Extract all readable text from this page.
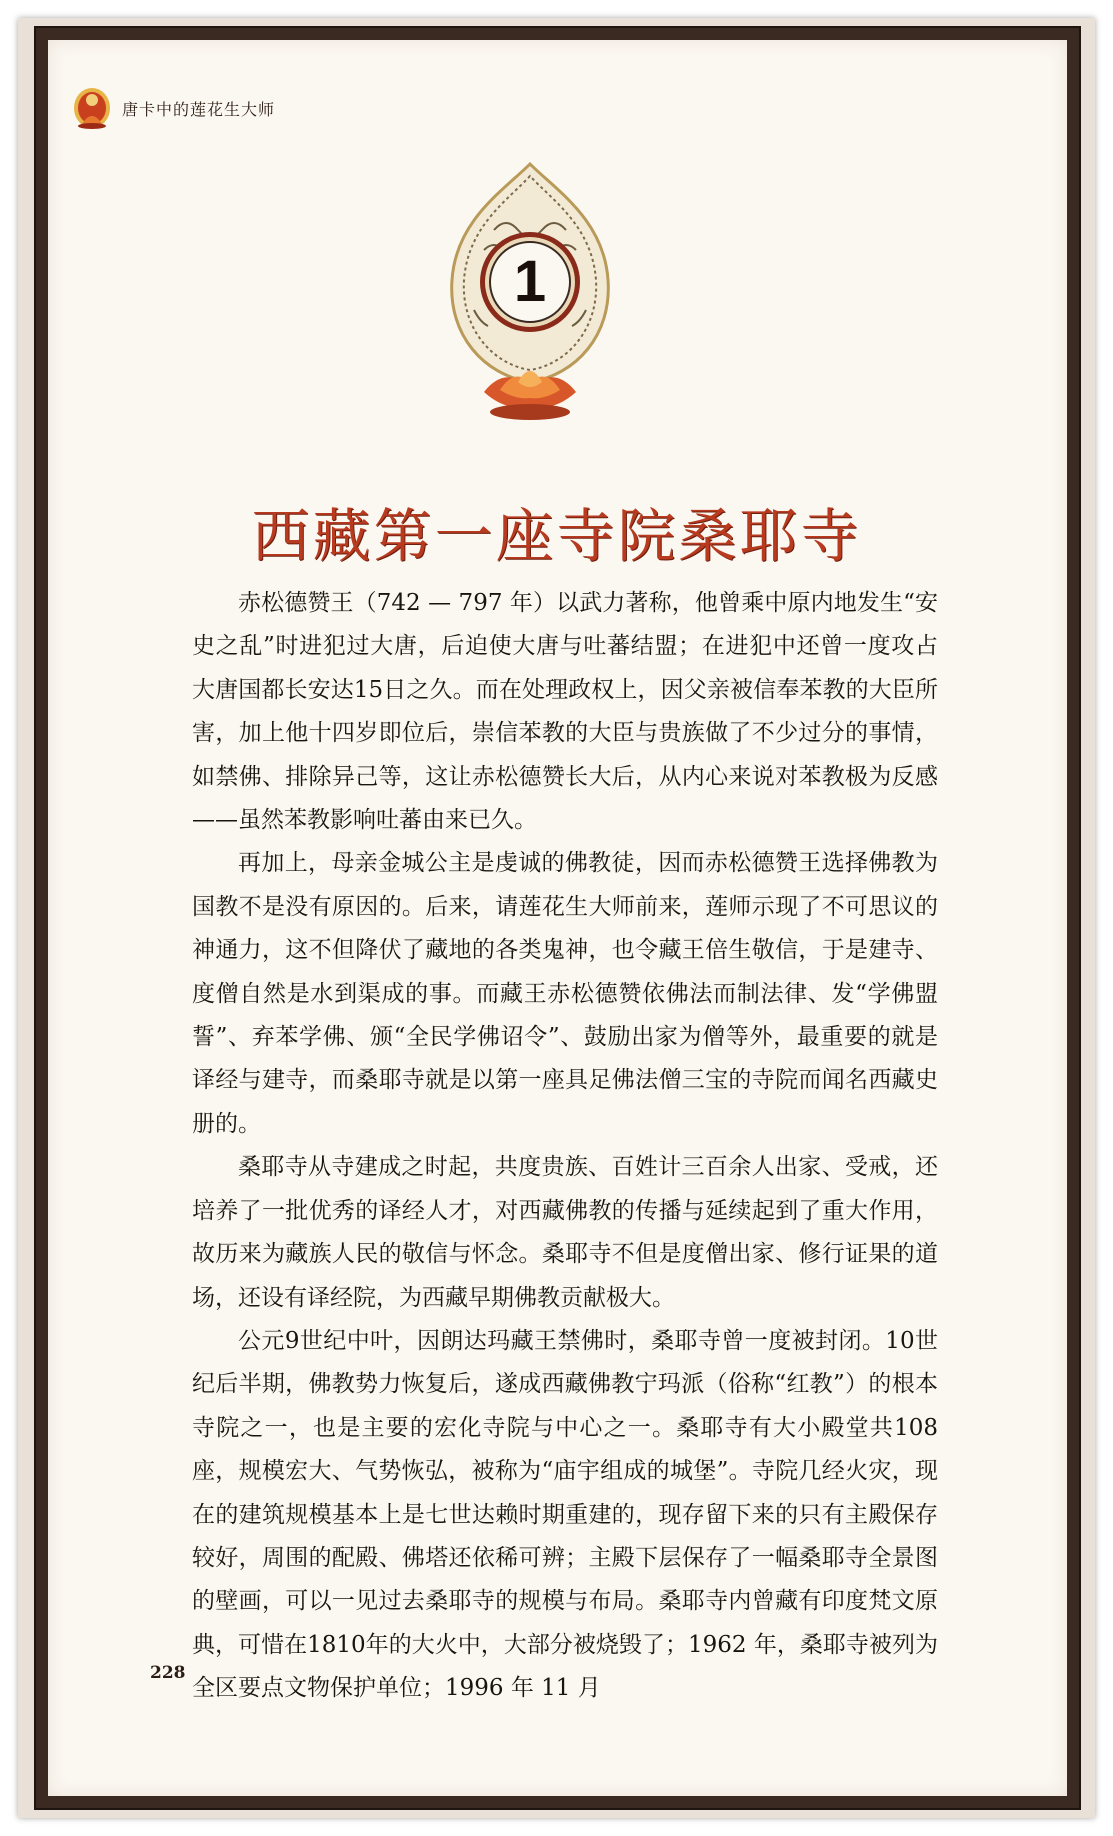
唐卡中的莲花生大师
1
西藏第一座寺院桑耶寺

赤松德赞王（742 — 797 年）以武力著称，他曾乘中原内地发生“安史之乱”时进犯过大唐，后迫使大唐与吐蕃结盟；在进犯中还曾一度攻占大唐国都长安达15日之久。而在处理政权上，因父亲被信奉苯教的大臣所害，加上他十四岁即位后，崇信苯教的大臣与贵族做了不少过分的事情，如禁佛、排除异己等，这让赤松德赞长大后，从内心来说对苯教极为反感——虽然苯教影响吐蕃由来已久。

再加上，母亲金城公主是虔诚的佛教徒，因而赤松德赞王选择佛教为国教不是没有原因的。后来，请莲花生大师前来，莲师示现了不可思议的神通力，这不但降伏了藏地的各类鬼神，也令藏王倍生敬信，于是建寺、度僧自然是水到渠成的事。而藏王赤松德赞依佛法而制法律、发“学佛盟誓”、弃苯学佛、颁“全民学佛诏令”、鼓励出家为僧等外，最重要的就是译经与建寺，而桑耶寺就是以第一座具足佛法僧三宝的寺院而闻名西藏史册的。

桑耶寺从寺建成之时起，共度贵族、百姓计三百余人出家、受戒，还培养了一批优秀的译经人才，对西藏佛教的传播与延续起到了重大作用，故历来为藏族人民的敬信与怀念。桑耶寺不但是度僧出家、修行证果的道场，还设有译经院，为西藏早期佛教贡献极大。

公元9世纪中叶，因朗达玛藏王禁佛时，桑耶寺曾一度被封闭。10世纪后半期，佛教势力恢复后，遂成西藏佛教宁玛派（俗称“红教”）的根本寺院之一，也是主要的宏化寺院与中心之一。桑耶寺有大小殿堂共108座，规模宏大、气势恢弘，被称为“庙宇组成的城堡”。寺院几经火灾，现在的建筑规模基本上是七世达赖时期重建的，现存留下来的只有主殿保存较好，周围的配殿、佛塔还依稀可辨；主殿下层保存了一幅桑耶寺全景图的壁画，可以一见过去桑耶寺的规模与布局。桑耶寺内曾藏有印度梵文原典，可惜在1810年的大火中，大部分被烧毁了；1962 年，桑耶寺被列为全区要点文物保护单位；1996 年 11 月

228
